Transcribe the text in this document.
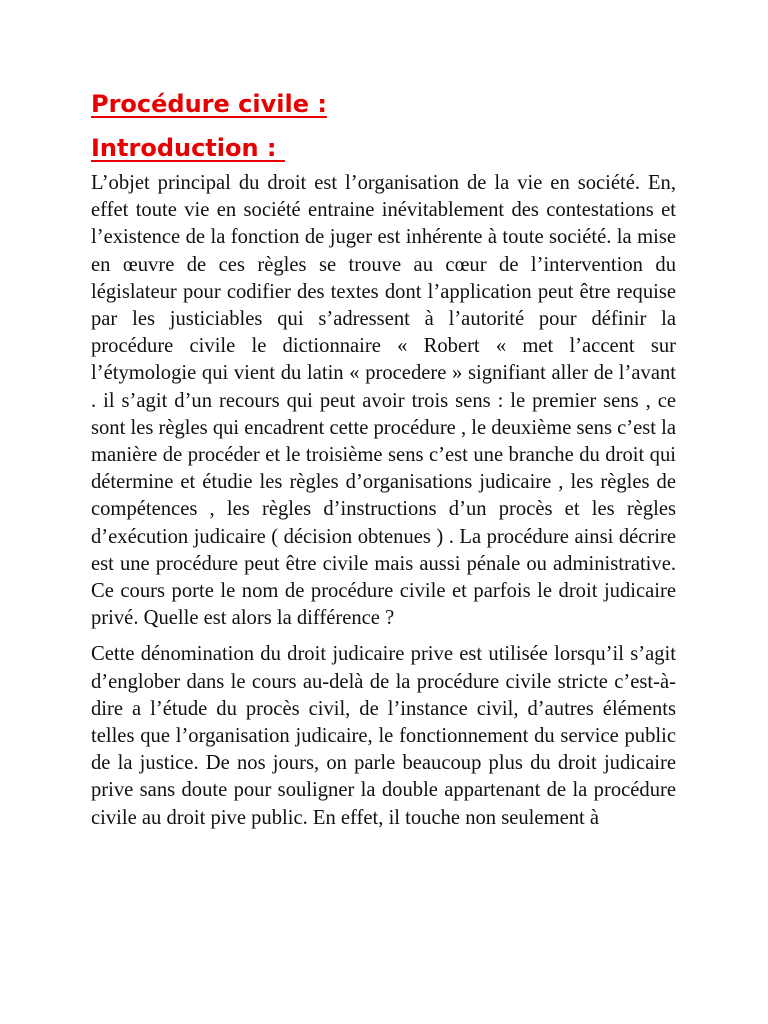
Procédure civile :
Introduction :

L’objet principal du droit est l’organisation de la vie en société. En, effet toute vie en société entraine inévitablement des contestations et l’existence de la fonction de juger est inhérente à toute société. la mise en œuvre de ces règles se trouve au cœur de l’intervention du législateur pour codifier des textes dont l’application peut être requise par les justiciables qui s’adressent à l’autorité pour définir la procédure civile le dictionnaire « Robert « met l’accent sur l’étymologie qui vient du latin « procedere » signifiant aller de l’avant . il s’agit d’un recours qui peut avoir trois sens : le premier sens , ce sont les règles qui encadrent cette procédure , le deuxième sens c’est la manière de procéder et le troisième sens c’est une branche du droit qui détermine et étudie les règles d’organisations judicaire , les règles de compétences , les règles d’instructions d’un procès et les règles d’exécution judicaire ( décision obtenues ) . La procédure ainsi décrire est une procédure peut être civile mais aussi pénale ou administrative. Ce cours porte le nom de procédure civile et parfois le droit judicaire privé. Quelle est alors la différence ?

Cette dénomination du droit judicaire prive est utilisée lorsqu’il s’agit d’englober dans le cours au-delà de la procédure civile stricte c’est-à-dire a l’étude du procès civil, de l’instance civil, d’autres éléments telles que l’organisation judicaire, le fonctionnement du service public de la justice. De nos jours, on parle beaucoup plus du droit judicaire prive sans doute pour souligner la double appartenant de la procédure civile au droit pive public. En effet, il touche non seulement à
